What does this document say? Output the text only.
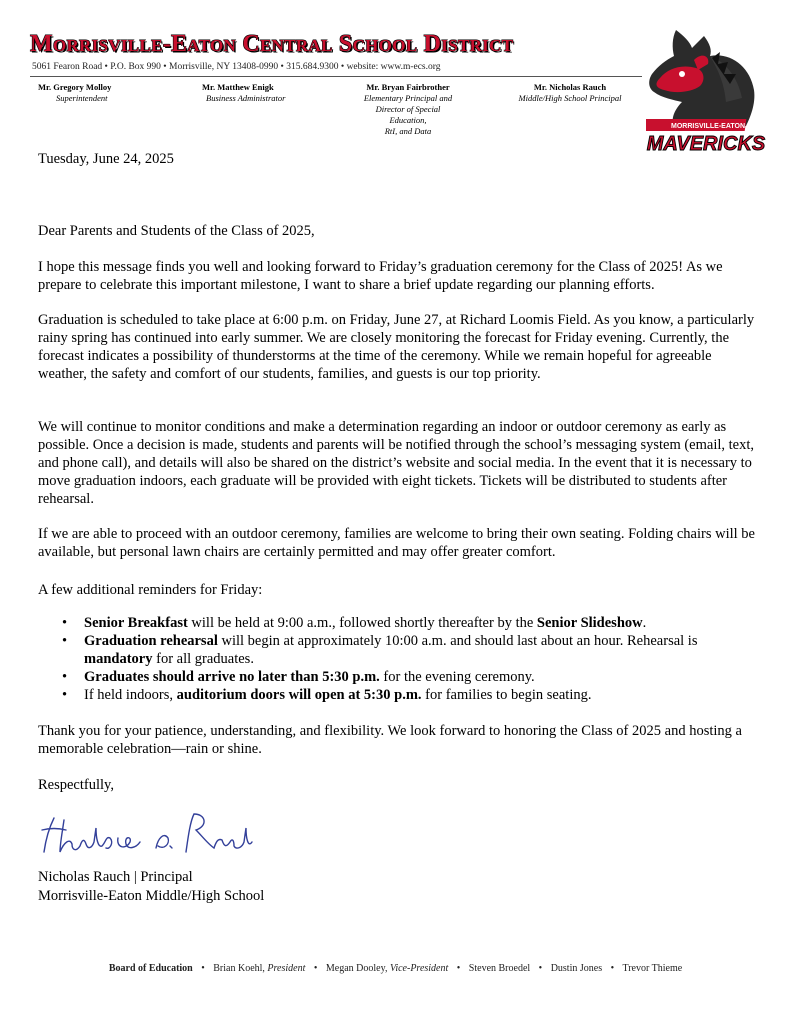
Morrisville-Eaton Central School District
5061 Fearon Road • P.O. Box 990 • Morrisville, NY 13408-0990 • 315.684.9300 • website: www.m-ecs.org
Mr. Gregory Molloy
Superintendent
Mr. Matthew Enigk
Business Administrator
Mr. Bryan Fairbrother
Elementary Principal and
Director of Special Education,
RtI, and Data
Mr. Nicholas Rauch
Middle/High School Principal
MORRISVILLE-EATON
MAVERICKS
Tuesday, June 24, 2025
Dear Parents and Students of the Class of 2025,
I hope this message finds you well and looking forward to Friday’s graduation ceremony for the Class of 2025! As we prepare to celebrate this important milestone, I want to share a brief update regarding our planning efforts.
Graduation is scheduled to take place at 6:00 p.m. on Friday, June 27, at Richard Loomis Field. As you know, a particularly rainy spring has continued into early summer. We are closely monitoring the forecast for Friday evening. Currently, the forecast indicates a possibility of thunderstorms at the time of the ceremony. While we remain hopeful for agreeable weather, the safety and comfort of our students, families, and guests is our top priority.
We will continue to monitor conditions and make a determination regarding an indoor or outdoor ceremony as early as possible. Once a decision is made, students and parents will be notified through the school’s messaging system (email, text, and phone call), and details will also be shared on the district’s website and social media. In the event that it is necessary to move graduation indoors, each graduate will be provided with eight tickets. Tickets will be distributed to students after rehearsal.
If we are able to proceed with an outdoor ceremony, families are welcome to bring their own seating. Folding chairs will be available, but personal lawn chairs are certainly permitted and may offer greater comfort.
A few additional reminders for Friday:
• Senior Breakfast will be held at 9:00 a.m., followed shortly thereafter by the Senior Slideshow.
• Graduation rehearsal will begin at approximately 10:00 a.m. and should last about an hour. Rehearsal is mandatory for all graduates.
• Graduates should arrive no later than 5:30 p.m. for the evening ceremony.
• If held indoors, auditorium doors will open at 5:30 p.m. for families to begin seating.
Thank you for your patience, understanding, and flexibility. We look forward to honoring the Class of 2025 and hosting a memorable celebration—rain or shine.
Respectfully,
Nicholas Rauch | Principal
Morrisville-Eaton Middle/High School
Board of Education • Brian Koehl, President • Megan Dooley, Vice-President • Steven Broedel • Dustin Jones • Trevor Thieme
